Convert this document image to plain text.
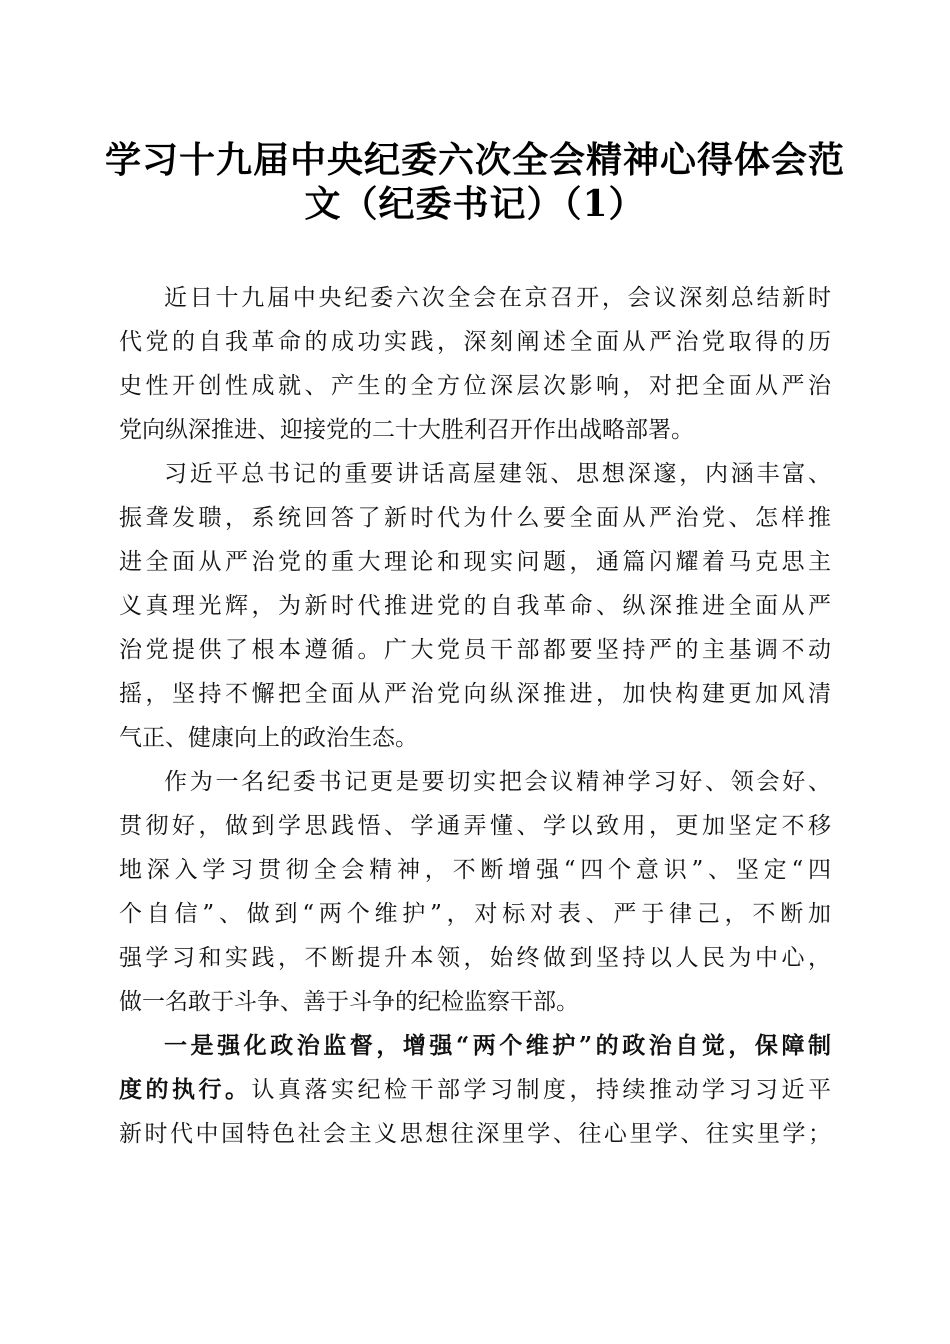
学习十九届中央纪委六次全会精神心得体会范
文（纪委书记）（1）
近日十九届中央纪委六次全会在京召开，会议深刻总结新时
代党的自我革命的成功实践，深刻阐述全面从严治党取得的历
史性开创性成就、产生的全方位深层次影响，对把全面从严治
党向纵深推进、迎接党的二十大胜利召开作出战略部署。
习近平总书记的重要讲话高屋建瓴、思想深邃，内涵丰富、
振聋发聩，系统回答了新时代为什么要全面从严治党、怎样推
进全面从严治党的重大理论和现实问题，通篇闪耀着马克思主
义真理光辉，为新时代推进党的自我革命、纵深推进全面从严
治党提供了根本遵循。广大党员干部都要坚持严的主基调不动
摇，坚持不懈把全面从严治党向纵深推进，加快构建更加风清
气正、健康向上的政治生态。
作为一名纪委书记更是要切实把会议精神学习好、领会好、
贯彻好，做到学思践悟、学通弄懂、学以致用，更加坚定不移
地深入学习贯彻全会精神，不断增强“四个意识”、坚定“四
个自信”、做到“两个维护”，对标对表、严于律己，不断加
强学习和实践，不断提升本领，始终做到坚持以人民为中心，
做一名敢于斗争、善于斗争的纪检监察干部。
一是强化政治监督，增强“两个维护”的政治自觉，保障制
度的执行。认真落实纪检干部学习制度，持续推动学习习近平
新时代中国特色社会主义思想往深里学、往心里学、往实里学；
